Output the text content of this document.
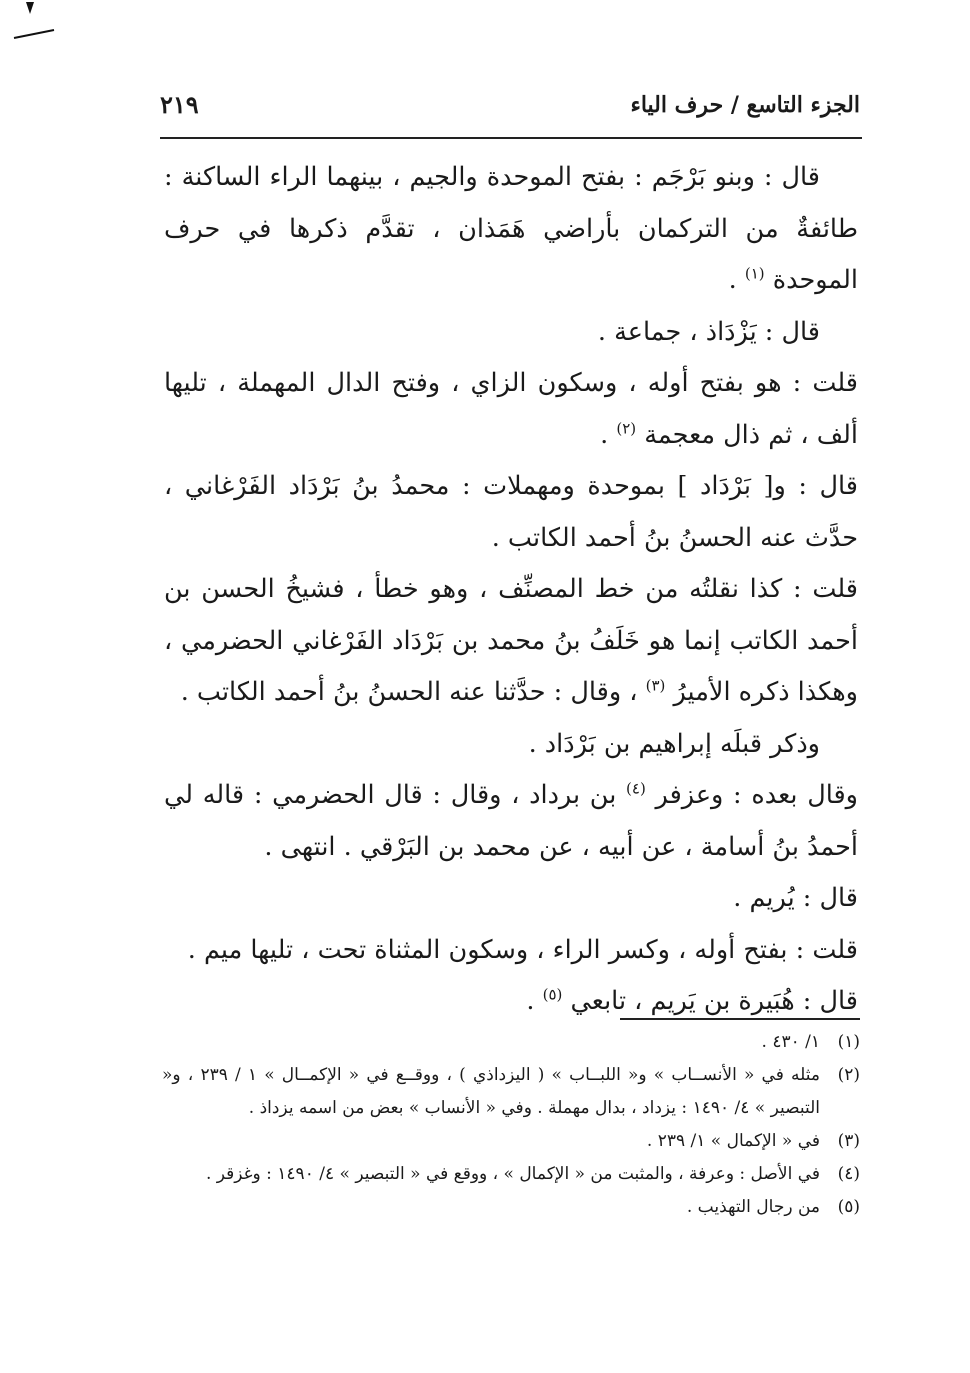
الجزء التاسع / حرف الياء
٢١٩

قال : وبنو بَرْجَم : بفتح الموحدة والجيم ، بينهما الراء الساكنة : طائفةٌ من التركمان بأراضي هَمَذان ، تقدَّم ذكرها في حرف الموحدة $^{(١)}$ .

قال : يَزْدَاذ ، جماعة .

قلت : هو بفتح أوله ، وسكون الزاي ، وفتح الدال المهملة ، تليها ألف ، ثم ذال معجمة $^{(٢)}$ .

قال : و[ بَرْدَاد ] بموحدة ومهملات : محمدُ بنُ بَرْدَاد الفَرْغاني ، حدَّث عنه الحسنُ بنُ أحمد الكاتب .

قلت : كذا نقلتُه من خط المصنِّف ، وهو خطأ ، فشيخُ الحسن بن أحمد الكاتب إنما هو خَلَفُ بنُ محمد بن بَرْدَاد الفَرْغاني الحضرمي ، وهكذا ذكره الأميرُ $^{(٣)}$ ، وقال : حدَّثنا عنه الحسنُ بنُ أحمد الكاتب .

وذكر قبلَه إبراهيم بن بَرْدَاد .

وقال بعده : وعزفر $^{(٤)}$ بن برداد ، وقال : قال الحضرمي : قاله لي أحمدُ بنُ أسامة ، عن أبيه ، عن محمد بن البَرْقي . انتهى .

قال : يُريم .

قلت : بفتح أوله ، وكسر الراء ، وسكون المثناة تحت ، تليها ميم .

قال : هُبَيرة بن يَريم ، تابعي $^{(٥)}$ .

(١)
١/ ٤٣٠ .

(٢)
مثله في « الأنســاب » و« اللبــاب » ( اليزداذي ) ، ووقــع في « الإكمــال » ١ / ٢٣٩ ، و« التبصير » ٤/ ١٤٩٠ : يزداد ، بدال مهملة . وفي « الأنساب » بعض من اسمه يزداذ .

(٣)
في « الإكمال » ١/ ٢٣٩ .

(٤)
في الأصل : وعرفة ، والمثبت من « الإكمال » ، ووقع في « التبصير » ٤/ ١٤٩٠ : وغزقر .

(٥)
من رجال التهذيب .
